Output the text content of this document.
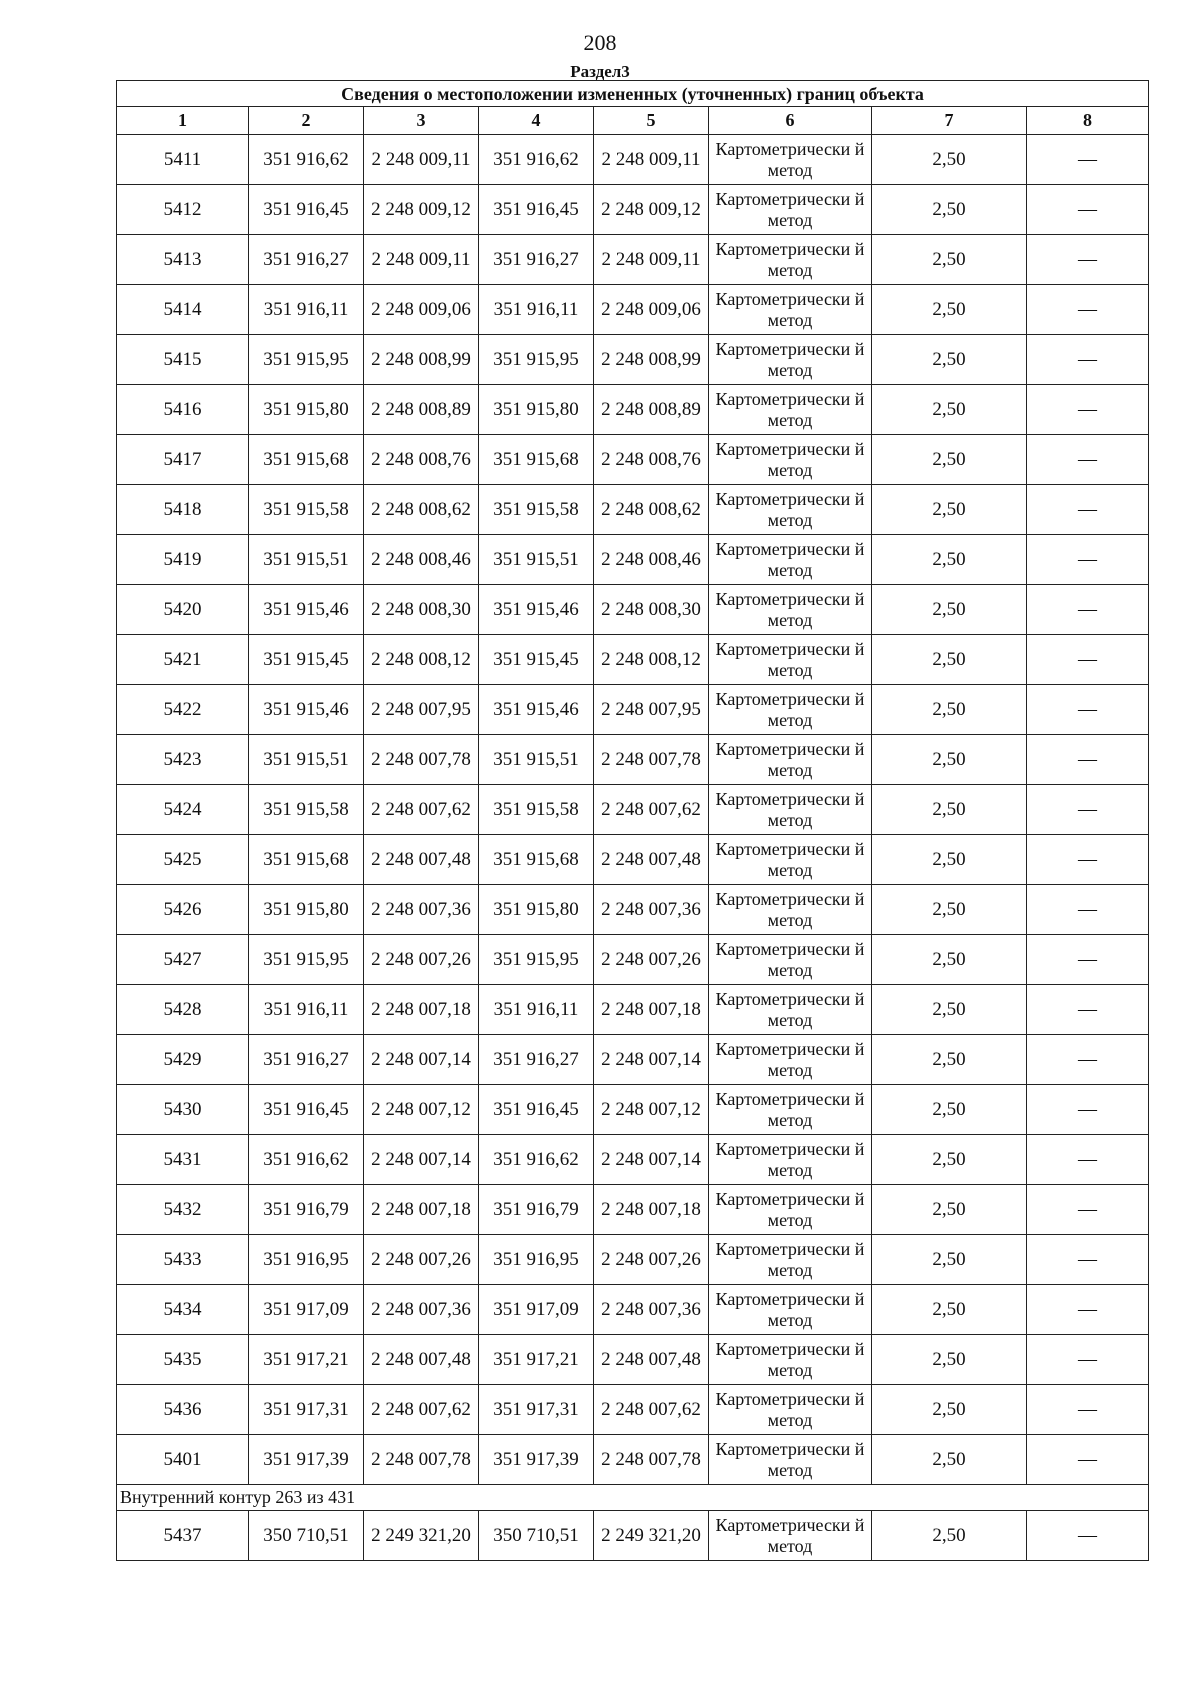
208
Раздел3
Сведения о местоположении измененных (уточненных) границ объекта							
1	2	3	4	5	6	7	8
5411	351 916,62	2 248 009,11	351 916,62	2 248 009,11	Картометрически й метод	2,50	—
5412	351 916,45	2 248 009,12	351 916,45	2 248 009,12	Картометрически й метод	2,50	—
5413	351 916,27	2 248 009,11	351 916,27	2 248 009,11	Картометрически й метод	2,50	—
5414	351 916,11	2 248 009,06	351 916,11	2 248 009,06	Картометрически й метод	2,50	—
5415	351 915,95	2 248 008,99	351 915,95	2 248 008,99	Картометрически й метод	2,50	—
5416	351 915,80	2 248 008,89	351 915,80	2 248 008,89	Картометрически й метод	2,50	—
5417	351 915,68	2 248 008,76	351 915,68	2 248 008,76	Картометрически й метод	2,50	—
5418	351 915,58	2 248 008,62	351 915,58	2 248 008,62	Картометрически й метод	2,50	—
5419	351 915,51	2 248 008,46	351 915,51	2 248 008,46	Картометрически й метод	2,50	—
5420	351 915,46	2 248 008,30	351 915,46	2 248 008,30	Картометрически й метод	2,50	—
5421	351 915,45	2 248 008,12	351 915,45	2 248 008,12	Картометрически й метод	2,50	—
5422	351 915,46	2 248 007,95	351 915,46	2 248 007,95	Картометрически й метод	2,50	—
5423	351 915,51	2 248 007,78	351 915,51	2 248 007,78	Картометрически й метод	2,50	—
5424	351 915,58	2 248 007,62	351 915,58	2 248 007,62	Картометрически й метод	2,50	—
5425	351 915,68	2 248 007,48	351 915,68	2 248 007,48	Картометрически й метод	2,50	—
5426	351 915,80	2 248 007,36	351 915,80	2 248 007,36	Картометрически й метод	2,50	—
5427	351 915,95	2 248 007,26	351 915,95	2 248 007,26	Картометрически й метод	2,50	—
5428	351 916,11	2 248 007,18	351 916,11	2 248 007,18	Картометрически й метод	2,50	—
5429	351 916,27	2 248 007,14	351 916,27	2 248 007,14	Картометрически й метод	2,50	—
5430	351 916,45	2 248 007,12	351 916,45	2 248 007,12	Картометрически й метод	2,50	—
5431	351 916,62	2 248 007,14	351 916,62	2 248 007,14	Картометрически й метод	2,50	—
5432	351 916,79	2 248 007,18	351 916,79	2 248 007,18	Картометрически й метод	2,50	—
5433	351 916,95	2 248 007,26	351 916,95	2 248 007,26	Картометрически й метод	2,50	—
5434	351 917,09	2 248 007,36	351 917,09	2 248 007,36	Картометрически й метод	2,50	—
5435	351 917,21	2 248 007,48	351 917,21	2 248 007,48	Картометрически й метод	2,50	—
5436	351 917,31	2 248 007,62	351 917,31	2 248 007,62	Картометрически й метод	2,50	—
5401	351 917,39	2 248 007,78	351 917,39	2 248 007,78	Картометрически й метод	2,50	—
Внутренний контур 263 из 431							
5437	350 710,51	2 249 321,20	350 710,51	2 249 321,20	Картометрически й метод	2,50	—
